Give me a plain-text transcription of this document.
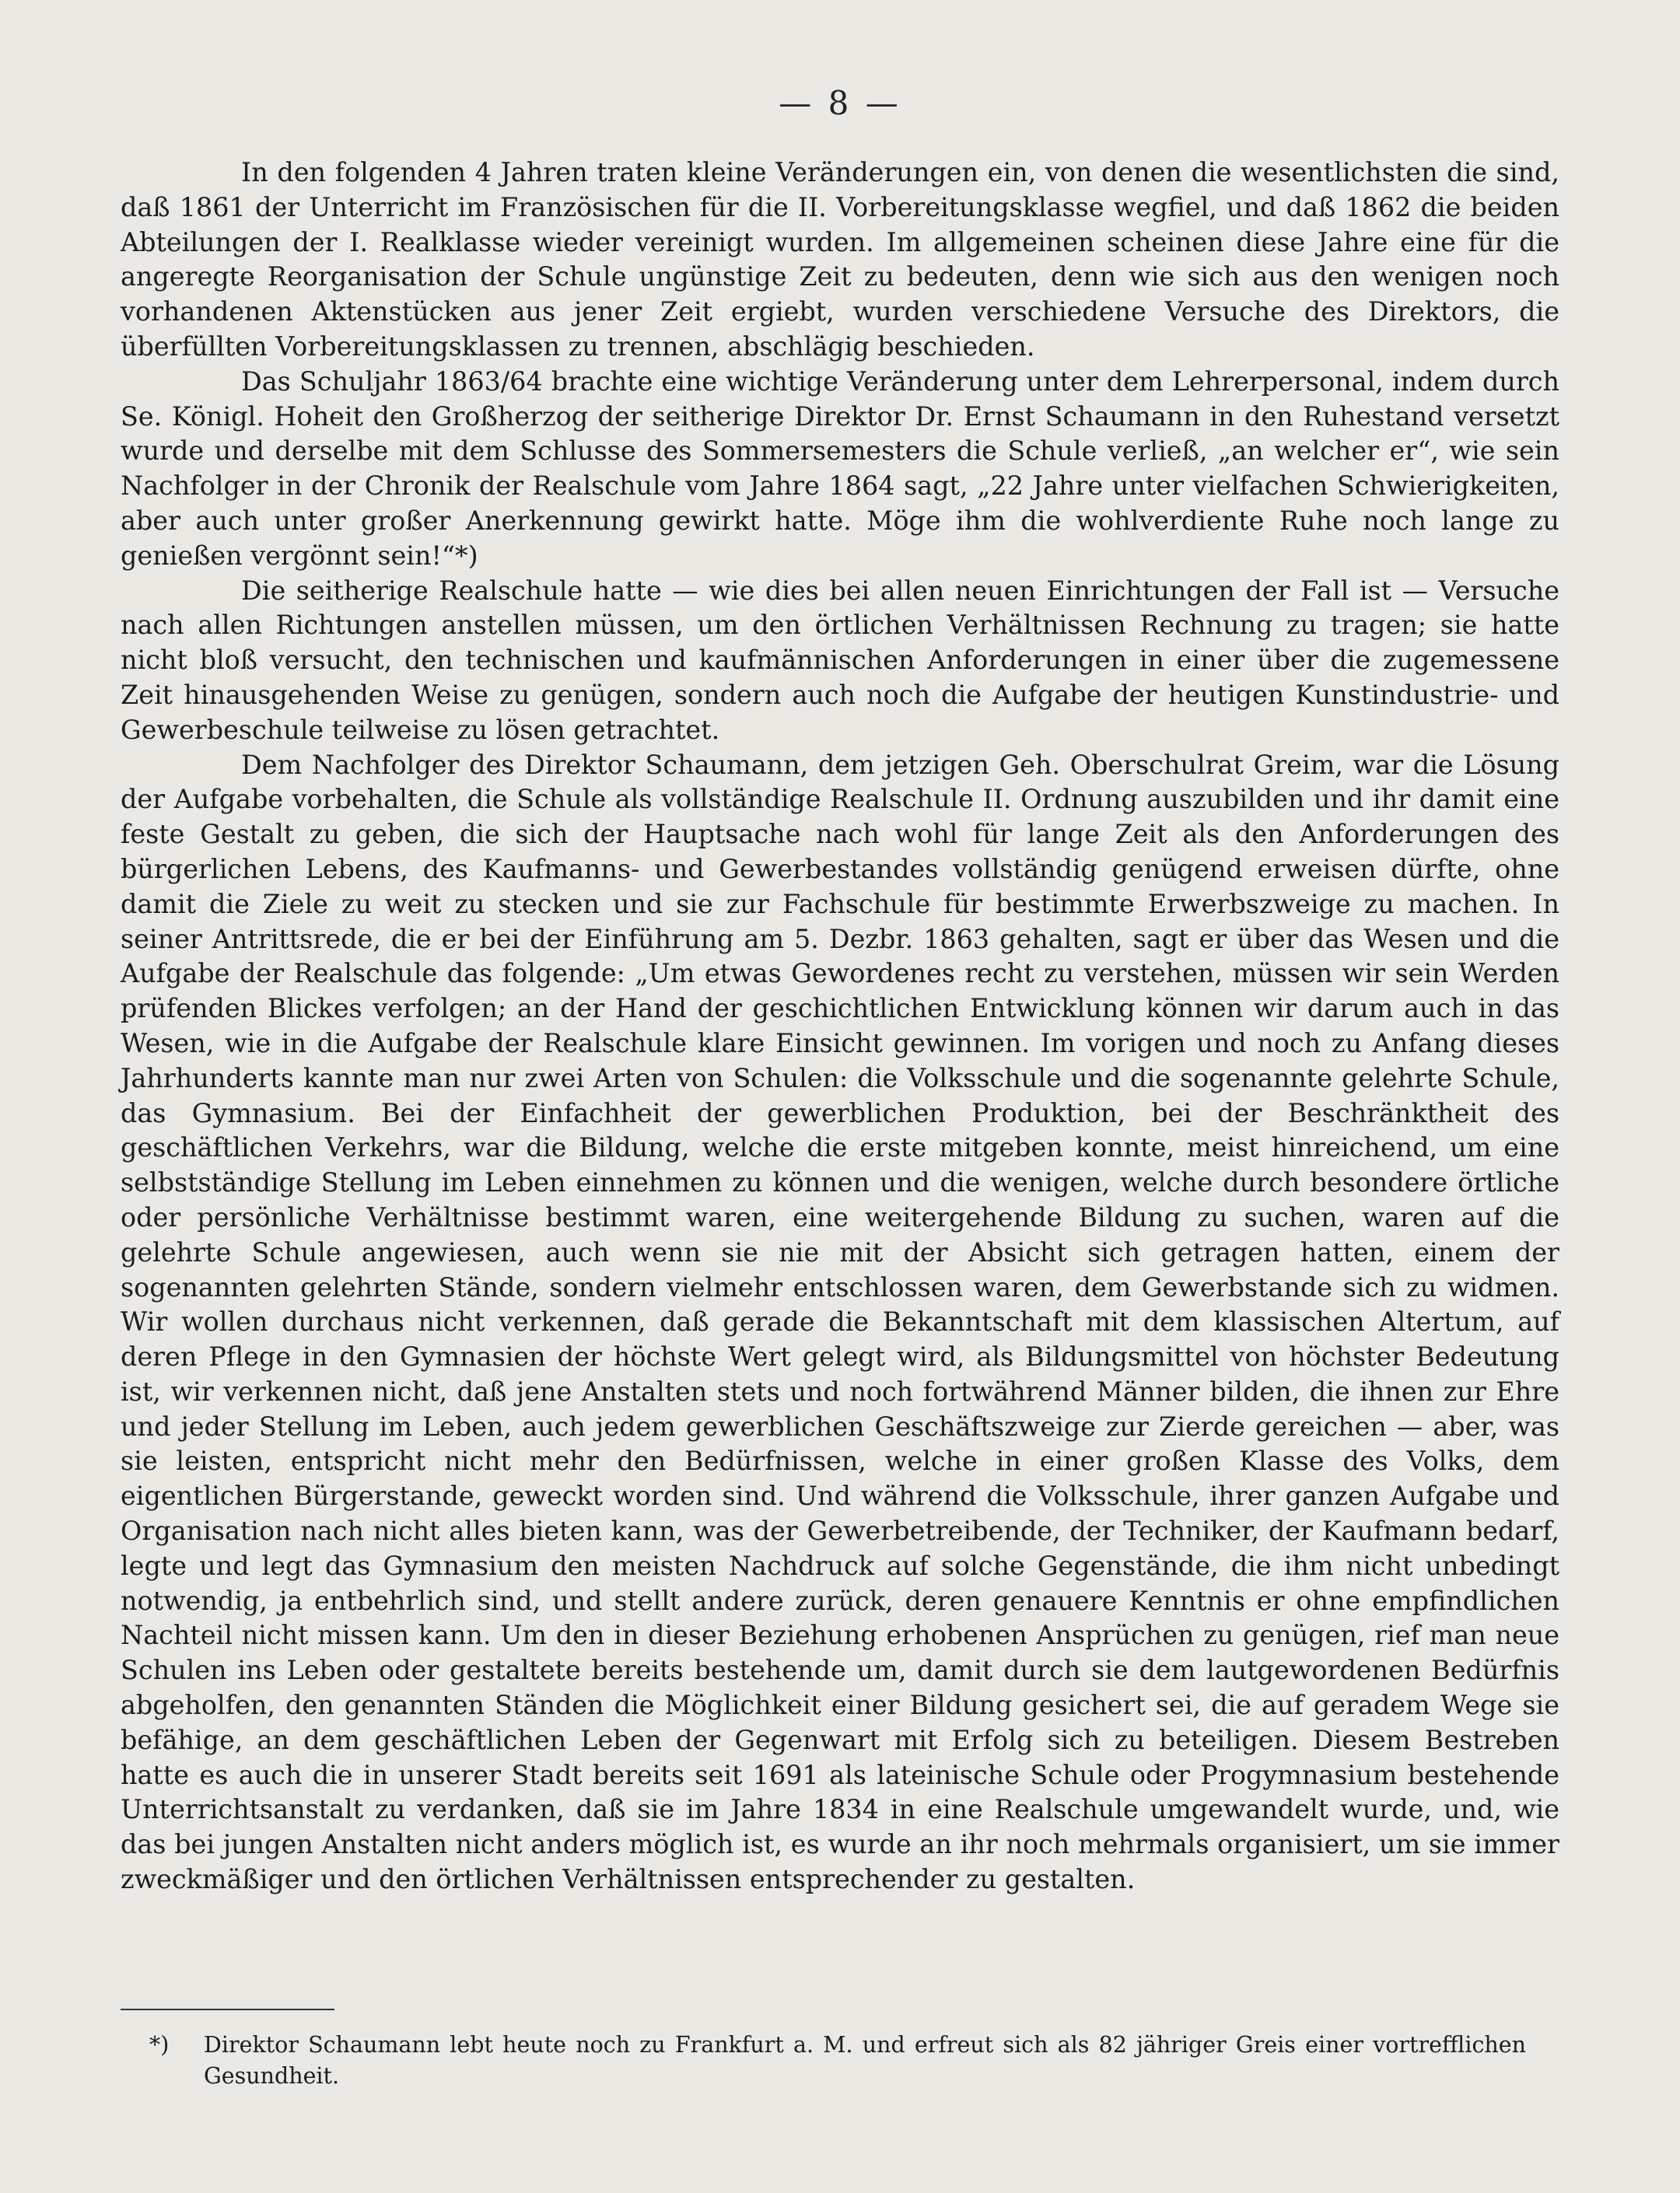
— 8 —

In den folgenden 4 Jahren traten kleine Veränderungen ein, von denen die wesentlichsten die sind, daß 1861 der Unterricht im Französischen für die II. Vorbereitungsklasse wegfiel, und daß 1862 die beiden Abteilungen der I. Realklasse wieder vereinigt wurden. Im allgemeinen scheinen diese Jahre eine für die angeregte Reorganisation der Schule ungünstige Zeit zu bedeuten, denn wie sich aus den wenigen noch vorhandenen Aktenstücken aus jener Zeit ergiebt, wurden verschiedene Versuche des Direktors, die überfüllten Vorbereitungsklassen zu trennen, abschlägig beschieden.

Das Schuljahr 1863/64 brachte eine wichtige Veränderung unter dem Lehrerpersonal, indem durch Se. Königl. Hoheit den Großherzog der seitherige Direktor Dr. Ernst Schaumann in den Ruhestand versetzt wurde und derselbe mit dem Schlusse des Sommersemesters die Schule verließ, „an welcher er“, wie sein Nachfolger in der Chronik der Realschule vom Jahre 1864 sagt, „22 Jahre unter vielfachen Schwierigkeiten, aber auch unter großer Anerkennung gewirkt hatte. Möge ihm die wohlverdiente Ruhe noch lange zu genießen vergönnt sein!“*)

Die seitherige Realschule hatte — wie dies bei allen neuen Einrichtungen der Fall ist — Versuche nach allen Richtungen anstellen müssen, um den örtlichen Verhältnissen Rechnung zu tragen; sie hatte nicht bloß versucht, den technischen und kaufmännischen Anforderungen in einer über die zugemessene Zeit hinausgehenden Weise zu genügen, sondern auch noch die Aufgabe der heutigen Kunstindustrie- und Gewerbeschule teilweise zu lösen getrachtet.

Dem Nachfolger des Direktor Schaumann, dem jetzigen Geh. Oberschulrat Greim, war die Lösung der Aufgabe vorbehalten, die Schule als vollständige Realschule II. Ordnung auszubilden und ihr damit eine feste Gestalt zu geben, die sich der Hauptsache nach wohl für lange Zeit als den Anforderungen des bürgerlichen Lebens, des Kaufmanns- und Gewerbestandes vollständig genügend erweisen dürfte, ohne damit die Ziele zu weit zu stecken und sie zur Fachschule für bestimmte Erwerbszweige zu machen. In seiner Antrittsrede, die er bei der Einführung am 5. Dezbr. 1863 gehalten, sagt er über das Wesen und die Aufgabe der Realschule das folgende: „Um etwas Gewordenes recht zu verstehen, müssen wir sein Werden prüfenden Blickes verfolgen; an der Hand der geschichtlichen Entwicklung können wir darum auch in das Wesen, wie in die Aufgabe der Realschule klare Einsicht gewinnen. Im vorigen und noch zu Anfang dieses Jahrhunderts kannte man nur zwei Arten von Schulen: die Volksschule und die sogenannte gelehrte Schule, das Gymnasium. Bei der Einfachheit der gewerblichen Produktion, bei der Beschränktheit des geschäftlichen Verkehrs, war die Bildung, welche die erste mitgeben konnte, meist hinreichend, um eine selbstständige Stellung im Leben einnehmen zu können und die wenigen, welche durch besondere örtliche oder persönliche Verhältnisse bestimmt waren, eine weitergehende Bildung zu suchen, waren auf die gelehrte Schule angewiesen, auch wenn sie nie mit der Absicht sich getragen hatten, einem der sogenannten gelehrten Stände, sondern vielmehr entschlossen waren, dem Gewerbstande sich zu widmen. Wir wollen durchaus nicht verkennen, daß gerade die Bekanntschaft mit dem klassischen Altertum, auf deren Pflege in den Gymnasien der höchste Wert gelegt wird, als Bildungsmittel von höchster Bedeutung ist, wir verkennen nicht, daß jene Anstalten stets und noch fortwährend Männer bilden, die ihnen zur Ehre und jeder Stellung im Leben, auch jedem gewerblichen Geschäftszweige zur Zierde gereichen — aber, was sie leisten, entspricht nicht mehr den Bedürfnissen, welche in einer großen Klasse des Volks, dem eigentlichen Bürgerstande, geweckt worden sind. Und während die Volksschule, ihrer ganzen Aufgabe und Organisation nach nicht alles bieten kann, was der Gewerbetreibende, der Techniker, der Kaufmann bedarf, legte und legt das Gymnasium den meisten Nachdruck auf solche Gegenstände, die ihm nicht unbedingt notwendig, ja entbehrlich sind, und stellt andere zurück, deren genauere Kenntnis er ohne empfindlichen Nachteil nicht missen kann. Um den in dieser Beziehung erhobenen Ansprüchen zu genügen, rief man neue Schulen ins Leben oder gestaltete bereits bestehende um, damit durch sie dem lautgewordenen Bedürfnis abgeholfen, den genannten Ständen die Möglichkeit einer Bildung gesichert sei, die auf geradem Wege sie befähige, an dem geschäftlichen Leben der Gegenwart mit Erfolg sich zu beteiligen. Diesem Bestreben hatte es auch die in unserer Stadt bereits seit 1691 als lateinische Schule oder Progymnasium bestehende Unterrichtsanstalt zu verdanken, daß sie im Jahre 1834 in eine Realschule umgewandelt wurde, und, wie das bei jungen Anstalten nicht anders möglich ist, es wurde an ihr noch mehrmals organisiert, um sie immer zweckmäßiger und den örtlichen Verhältnissen entsprechender zu gestalten.

*) Direktor Schaumann lebt heute noch zu Frankfurt a. M. und erfreut sich als 82 jähriger Greis einer vortrefflichen Gesundheit.
